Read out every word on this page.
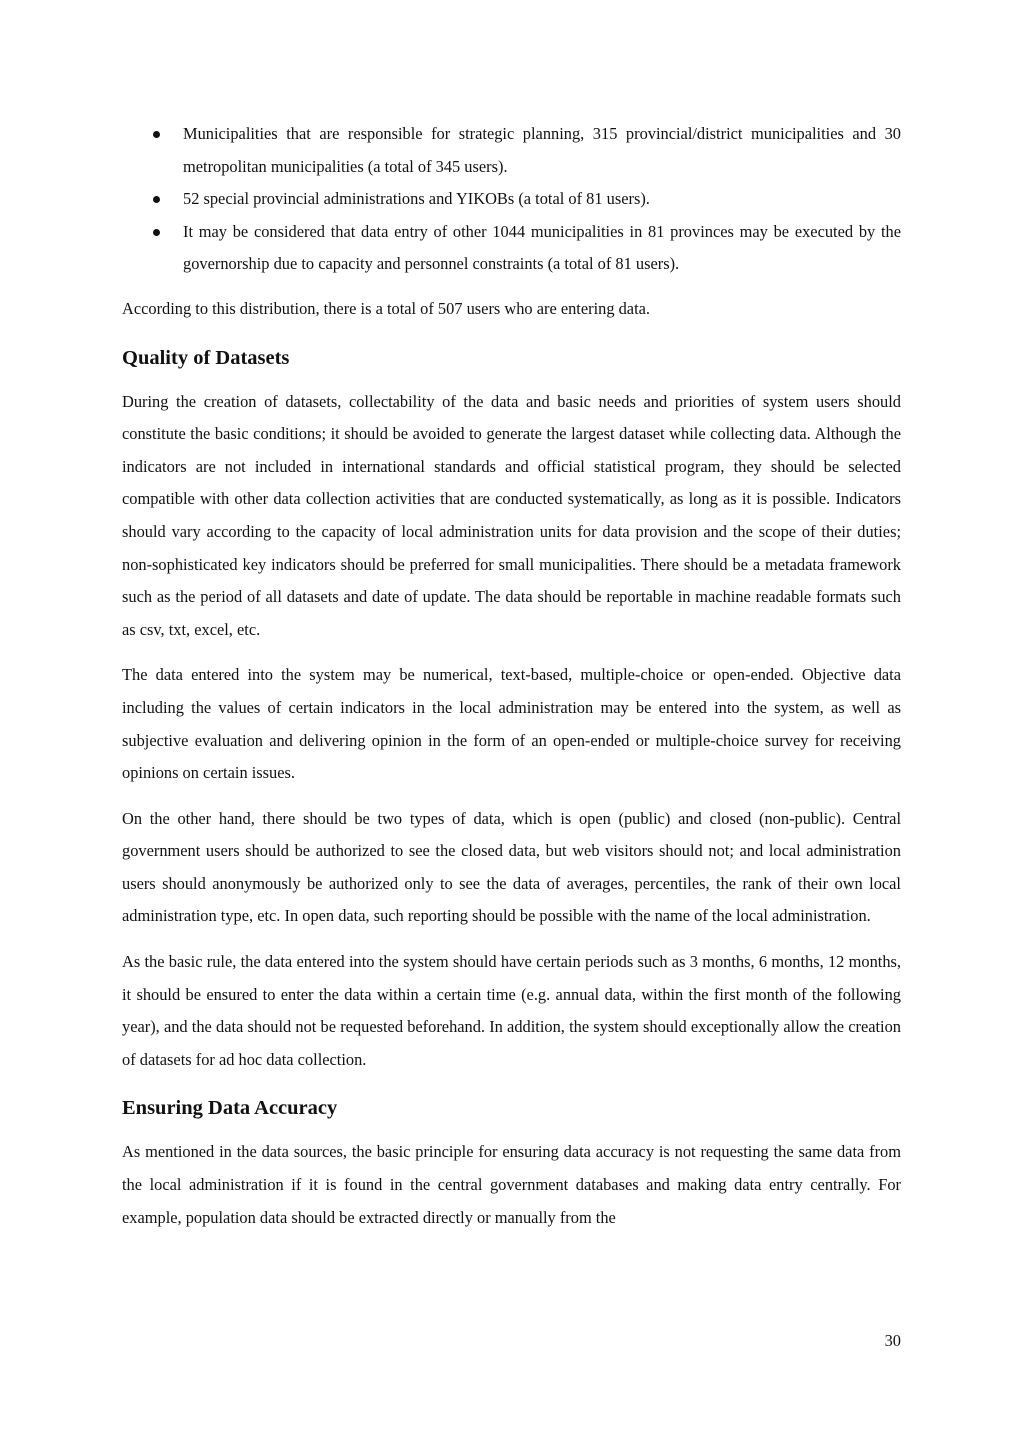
Municipalities that are responsible for strategic planning, 315 provincial/district municipalities and 30 metropolitan municipalities (a total of 345 users).
52 special provincial administrations and YIKOBs (a total of 81 users).
It may be considered that data entry of other 1044 municipalities in 81 provinces may be executed by the governorship due to capacity and personnel constraints (a total of 81 users).

According to this distribution, there is a total of 507 users who are entering data.

Quality of Datasets

During the creation of datasets, collectability of the data and basic needs and priorities of system users should constitute the basic conditions; it should be avoided to generate the largest dataset while collecting data. Although the indicators are not included in international standards and official statistical program, they should be selected compatible with other data collection activities that are conducted systematically, as long as it is possible. Indicators should vary according to the capacity of local administration units for data provision and the scope of their duties; non-sophisticated key indicators should be preferred for small municipalities. There should be a metadata framework such as the period of all datasets and date of update. The data should be reportable in machine readable formats such as csv, txt, excel, etc.

The data entered into the system may be numerical, text-based, multiple-choice or open-ended. Objective data including the values of certain indicators in the local administration may be entered into the system, as well as subjective evaluation and delivering opinion in the form of an open-ended or multiple-choice survey for receiving opinions on certain issues.

On the other hand, there should be two types of data, which is open (public) and closed (non-public). Central government users should be authorized to see the closed data, but web visitors should not; and local administration users should anonymously be authorized only to see the data of averages, percentiles, the rank of their own local administration type, etc. In open data, such reporting should be possible with the name of the local administration.

As the basic rule, the data entered into the system should have certain periods such as 3 months, 6 months, 12 months, it should be ensured to enter the data within a certain time (e.g. annual data, within the first month of the following year), and the data should not be requested beforehand. In addition, the system should exceptionally allow the creation of datasets for ad hoc data collection.

Ensuring Data Accuracy

As mentioned in the data sources, the basic principle for ensuring data accuracy is not requesting the same data from the local administration if it is found in the central government databases and making data entry centrally. For example, population data should be extracted directly or manually from the

30
